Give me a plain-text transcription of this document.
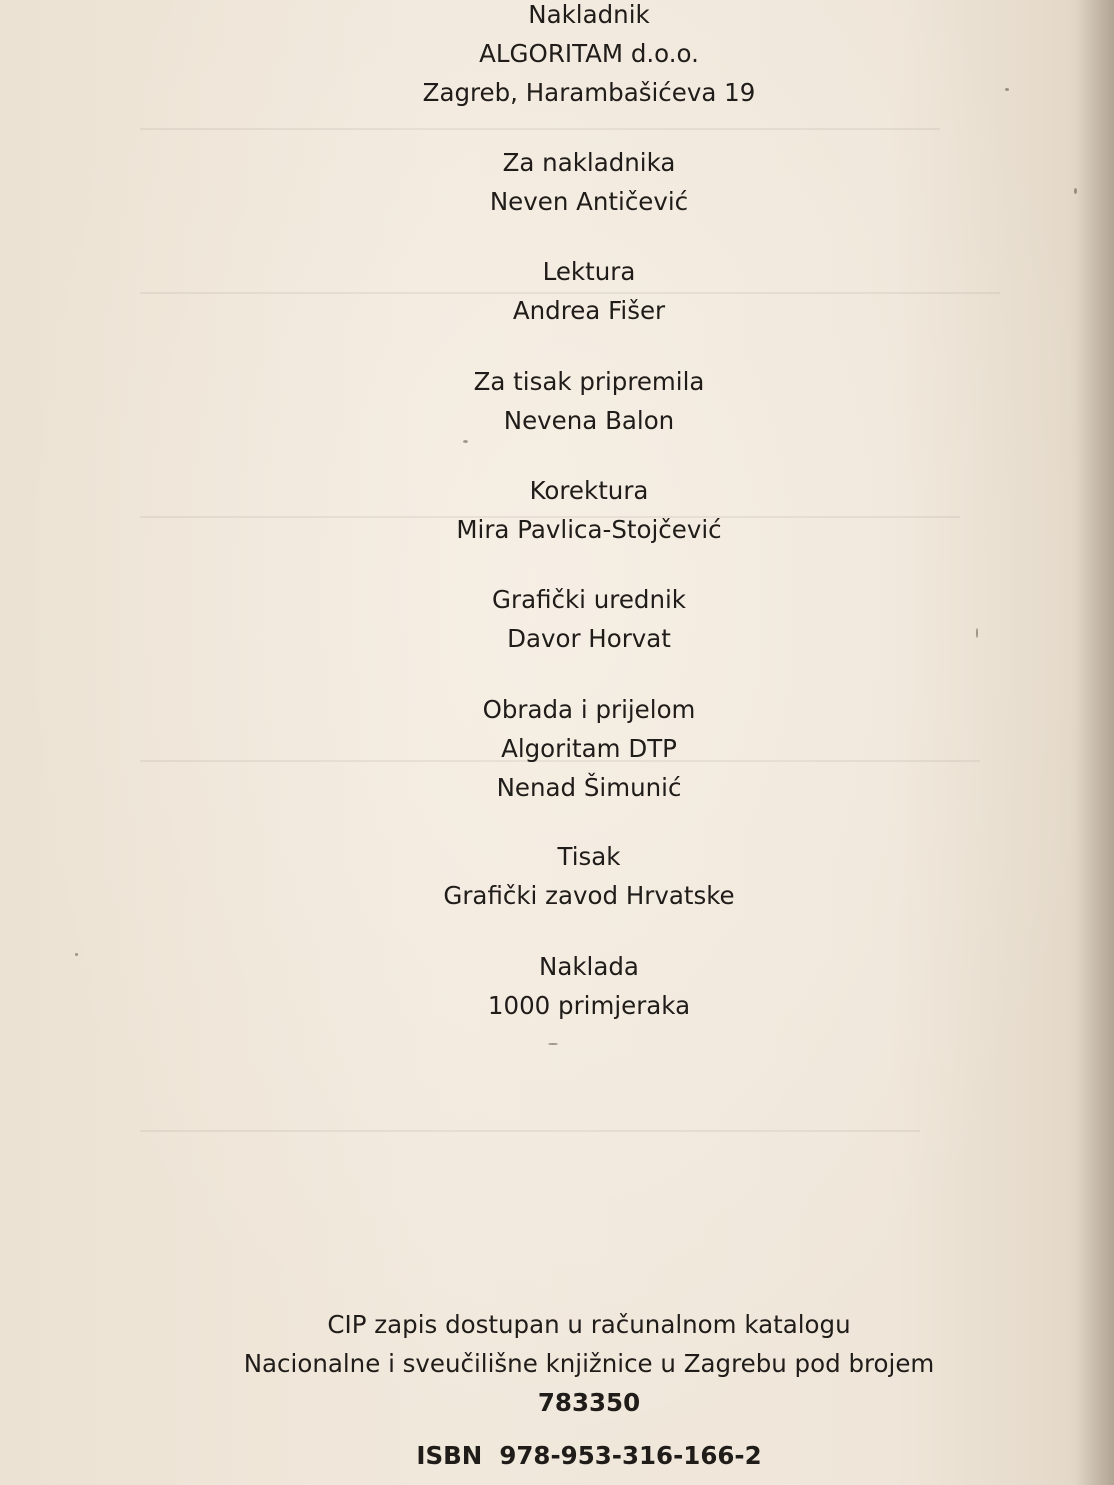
Nakladnik
ALGORITAM d.o.o.
Zagreb, Harambašićeva 19
Za nakladnika
Neven Antičević
Lektura
Andrea Fišer
Za tisak pripremila
Nevena Balon
Korektura
Mira Pavlica-Stojčević
Grafički urednik
Davor Horvat
Obrada i prijelom
Algoritam DTP
Nenad Šimunić
Tisak
Grafički zavod Hrvatske
Naklada
1000 primjeraka
CIP zapis dostupan u računalnom katalogu
Nacionalne i sveučilišne knjižnice u Zagrebu pod brojem
783350
ISBN  978-953-316-166-2
